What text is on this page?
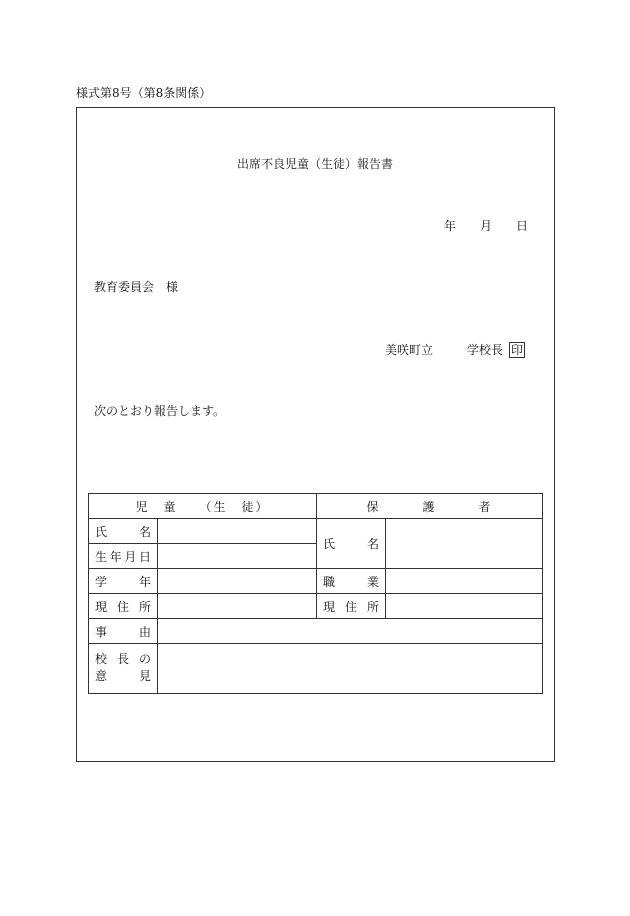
様式第8号（第8条関係）
出席不良児童（生徒）報告書
年 月 日
教育委員会　様
美咲町立	学校長 印
次のとおり報告します。
児　童　　（生　徒）		保　　　護　　　者	
氏名		氏名	
生年月日			
学年		職業	
現住所		現住所	
事由			

校長の
意見			
